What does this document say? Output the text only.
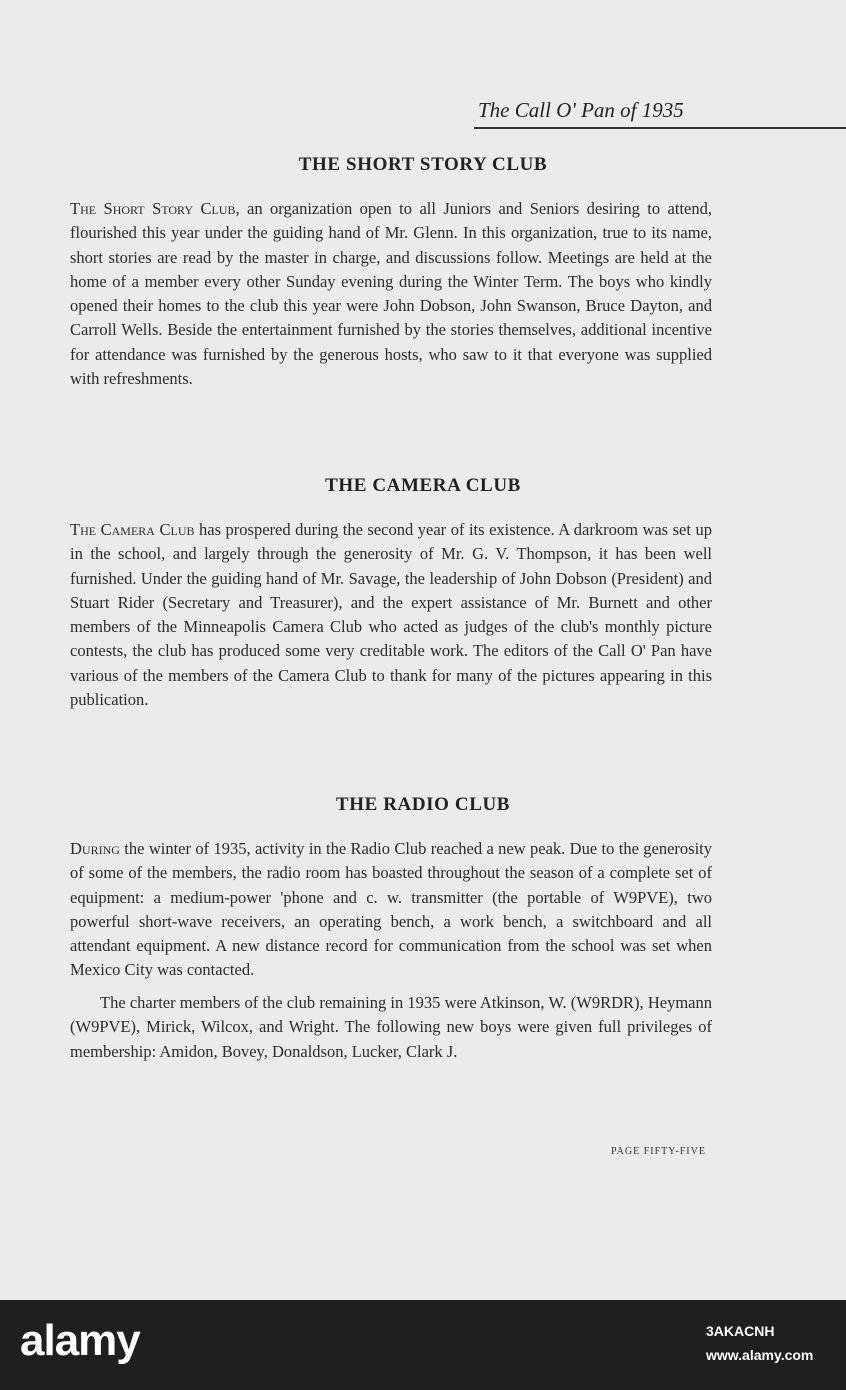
The Call O' Pan of 1935
THE SHORT STORY CLUB

The Short Story Club, an organization open to all Juniors and Seniors desiring to attend, flourished this year under the guiding hand of Mr. Glenn. In this organization, true to its name, short stories are read by the master in charge, and discussions follow. Meetings are held at the home of a member every other Sunday evening during the Winter Term. The boys who kindly opened their homes to the club this year were John Dobson, John Swanson, Bruce Dayton, and Carroll Wells. Beside the entertainment furnished by the stories themselves, additional incentive for attendance was furnished by the generous hosts, who saw to it that everyone was supplied with refreshments.

THE CAMERA CLUB

The Camera Club has prospered during the second year of its existence. A darkroom was set up in the school, and largely through the generosity of Mr. G. V. Thompson, it has been well furnished. Under the guiding hand of Mr. Savage, the leadership of John Dobson (President) and Stuart Rider (Secretary and Treasurer), and the expert assistance of Mr. Burnett and other members of the Minneapolis Camera Club who acted as judges of the club's monthly picture contests, the club has produced some very creditable work. The editors of the Call O' Pan have various of the members of the Camera Club to thank for many of the pictures appearing in this publication.

THE RADIO CLUB

During the winter of 1935, activity in the Radio Club reached a new peak. Due to the generosity of some of the members, the radio room has boasted throughout the season of a complete set of equipment: a medium-power 'phone and c. w. transmitter (the portable of W9PVE), two powerful short-wave receivers, an operating bench, a work bench, a switchboard and all attendant equipment. A new distance record for communication from the school was set when Mexico City was contacted.

The charter members of the club remaining in 1935 were Atkinson, W. (W9RDR), Heymann (W9PVE), Mirick, Wilcox, and Wright. The following new boys were given full privileges of membership: Amidon, Bovey, Donaldson, Lucker, Clark J.

PAGE FIFTY-FIVE
alamy	3AKACNH
www.alamy.com
